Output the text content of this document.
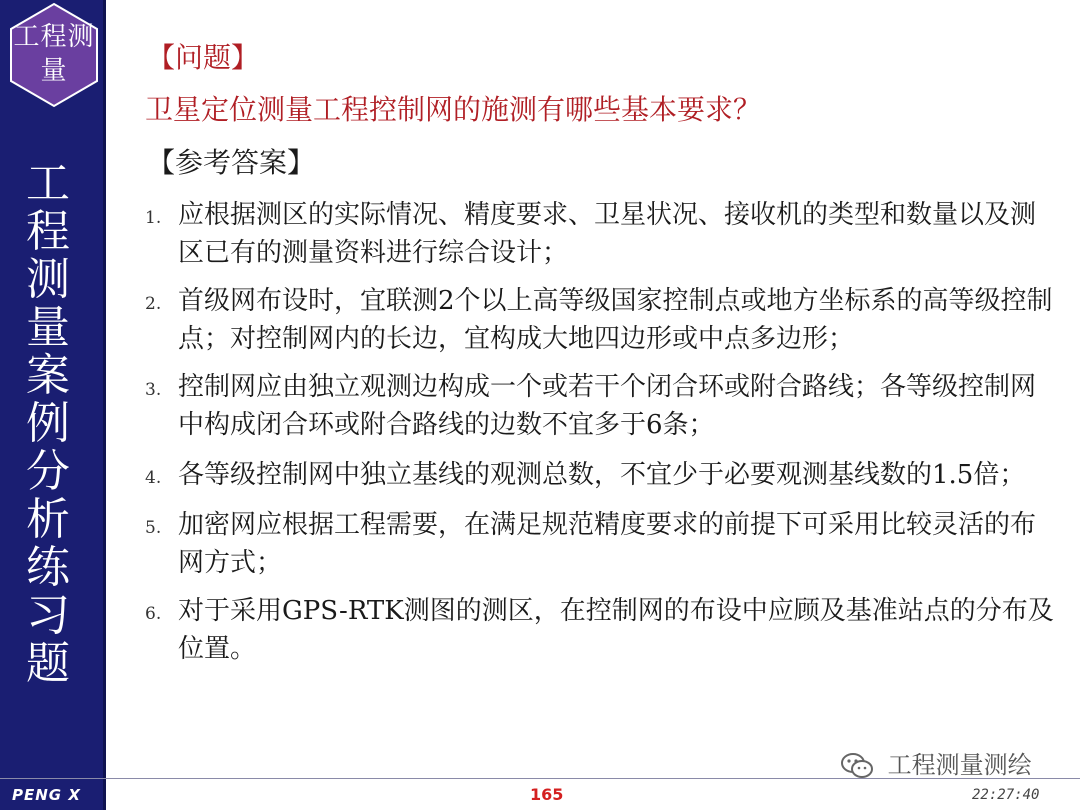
工程测量
工程测量案例分析练习题
PENG X
【问题】
卫星定位测量工程控制网的施测有哪些基本要求？
【参考答案】
1. 应根据测区的实际情况、精度要求、卫星状况、接收机的类型和数量以及测区已有的测量资料进行综合设计；
2. 首级网布设时，宜联测2个以上高等级国家控制点或地方坐标系的高等级控制点；对控制网内的长边，宜构成大地四边形或中点多边形；
3. 控制网应由独立观测边构成一个或若干个闭合环或附合路线；各等级控制网中构成闭合环或附合路线的边数不宜多于6条；
4. 各等级控制网中独立基线的观测总数，不宜少于必要观测基线数的1.5倍；
5. 加密网应根据工程需要，在满足规范精度要求的前提下可采用比较灵活的布网方式；
6. 对于采用GPS-RTK测图的测区，在控制网的布设中应顾及基准站点的分布及位置。
工程测量测绘
165	22:27:40
